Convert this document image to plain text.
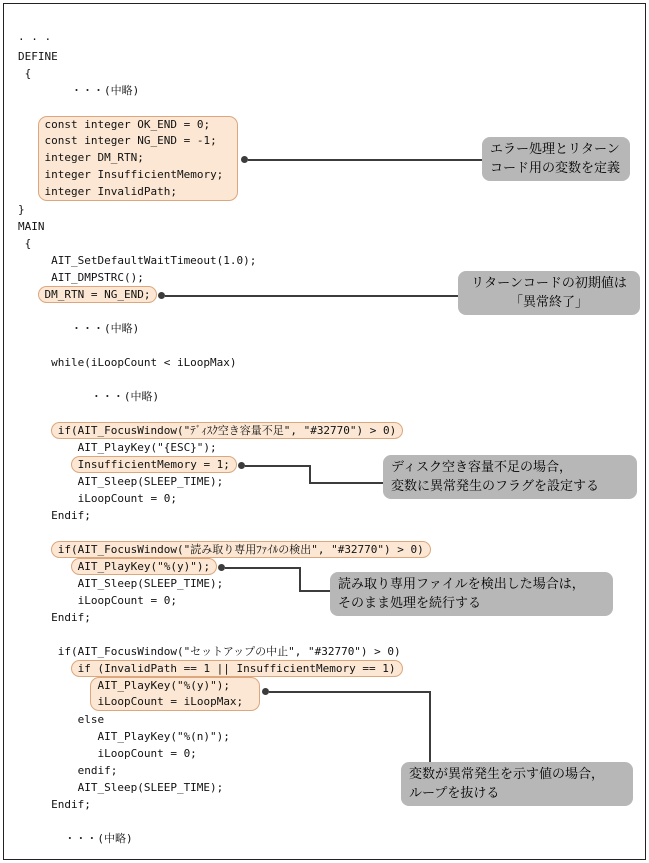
· · ·
DEFINE
{
・・・(中略)

const integer OK_END = 0;
const integer NG_END = -1;
integer DM_RTN;
integer InsufficientMemory;
integer InvalidPath;
}
MAIN
{
AIT_SetDefaultWaitTimeout(1.0);
AIT_DMPSTRC();
DM_RTN = NG_END;

・・・(中略)

while(iLoopCount < iLoopMax)

・・・(中略)

if(AIT_FocusWindow("ﾃﾞｨｽｸ空き容量不足", "#32770") > 0)
AIT_PlayKey("{ESC}");
InsufficientMemory = 1;
AIT_Sleep(SLEEP_TIME);
iLoopCount = 0;
Endif;

if(AIT_FocusWindow("読み取り専用ﾌｧｲﾙの検出", "#32770") > 0)
AIT_PlayKey("%(y)");
AIT_Sleep(SLEEP_TIME);
iLoopCount = 0;
Endif;

if(AIT_FocusWindow("セットアップの中止", "#32770") > 0)
if (InvalidPath == 1 || InsufficientMemory == 1)
AIT_PlayKey("%(y)");
iLoopCount = iLoopMax;
else
AIT_PlayKey("%(n)");
iLoopCount = 0;
endif;
AIT_Sleep(SLEEP_TIME);
Endif;

・・・(中略)
エラー処理とリターン
コード用の変数を定義
リターンコードの初期値は
「異常終了」
ディスク空き容量不足の場合，
変数に異常発生のフラグを設定する
読み取り専用ファイルを検出した場合は，
そのまま処理を続行する
変数が異常発生を示す値の場合，
ループを抜ける
